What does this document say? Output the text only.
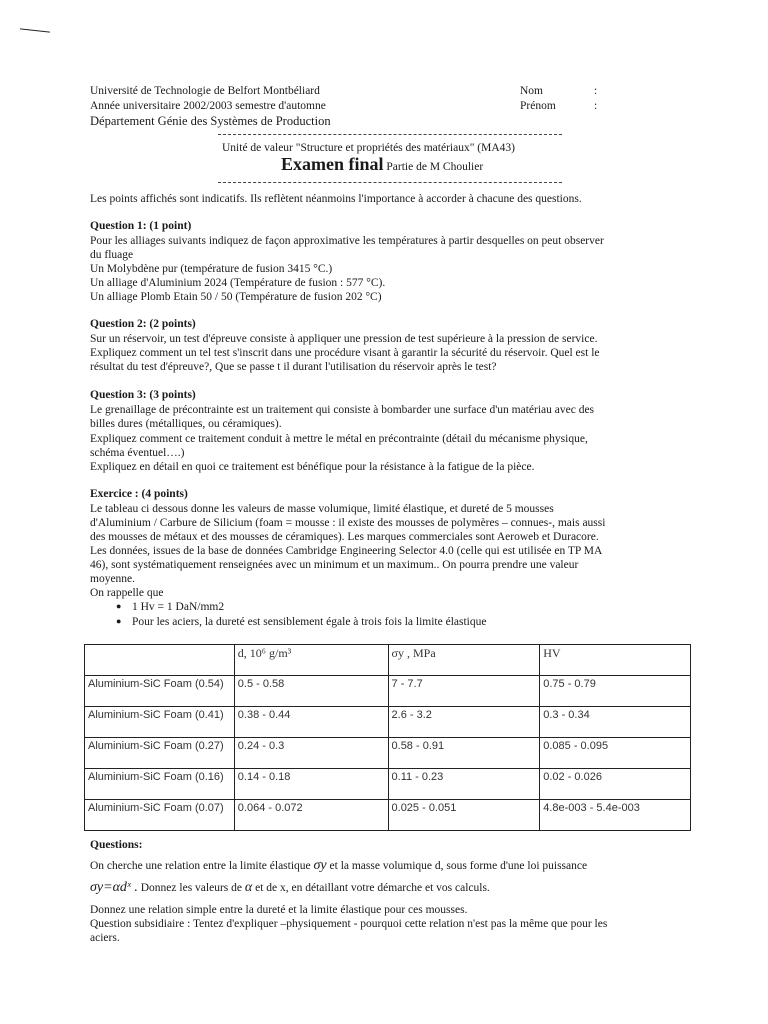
Université de Technologie de Belfort Montbéliard
Année universitaire 2002/2003 semestre d'automne
Département Génie des Systèmes de Production
Nom	:
Prénom	:
Unité de valeur "Structure et propriétés des matériaux" (MA43)
Examen final Partie de M Choulier
Les points affichés sont indicatifs. Ils reflètent néanmoins l'importance à accorder à chacune des questions.
Question 1: (1 point)
Pour les alliages suivants indiquez de façon approximative les températures à partir desquelles on peut observer
du fluage
Un Molybdène pur (température de fusion 3415 °C.)
Un alliage d'Aluminium 2024 (Température de fusion : 577 °C).
Un alliage Plomb Etain 50 / 50 (Température de fusion 202 °C)
Question 2: (2 points)
Sur un réservoir, un test d'épreuve consiste à appliquer une pression de test supérieure à la pression de service.
Expliquez comment un tel test s'inscrit dans une procédure visant à garantir la sécurité du réservoir. Quel est le
résultat du test d'épreuve?, Que se passe t il durant l'utilisation du réservoir après le test?
Question 3: (3 points)
Le grenaillage de précontrainte est un traitement qui consiste à bombarder une surface d'un matériau avec des
billes dures (métalliques, ou céramiques).
Expliquez comment ce traitement conduit à mettre le métal en précontrainte (détail du mécanisme physique,
schéma éventuel….)
Expliquez en détail en quoi ce traitement est bénéfique pour la résistance à la fatigue de la pièce.
Exercice : (4 points)
Le tableau ci dessous donne les valeurs de masse volumique, limité élastique, et dureté de 5 mousses
d'Aluminium / Carbure de Silicium (foam = mousse : il existe des mousses de polymères – connues-, mais aussi
des mousses de métaux et des mousses de céramiques). Les marques commerciales sont Aeroweb et Duracore.
Les données, issues de la base de données Cambridge Engineering Selector 4.0 (celle qui est utilisée en TP MA
46), sont systématiquement renseignées avec un minimum et un maximum.. On pourra prendre une valeur
moyenne.
On rappelle que
● 1 Hv = 1 DaN/mm2
● Pour les aciers, la dureté est sensiblement égale à trois fois la limite élastique
	d, 10⁶ g/m³	σy , MPa	HV
Aluminium-SiC Foam (0.54)	0.5 - 0.58	7 - 7.7	0.75 - 0.79
Aluminium-SiC Foam (0.41)	0.38 - 0.44	2.6 - 3.2	0.3 - 0.34
Aluminium-SiC Foam (0.27)	0.24 - 0.3	0.58 - 0.91	0.085 - 0.095
Aluminium-SiC Foam (0.16)	0.14 - 0.18	0.11 - 0.23	0.02 - 0.026
Aluminium-SiC Foam (0.07)	0.064 - 0.072	0.025 - 0.051	4.8e-003 - 5.4e-003
Questions:
On cherche une relation entre la limite élastique σy et la masse volumique d, sous forme d'une loi puissance
σy=αdˣ . Donnez les valeurs de α et de x, en détaillant votre démarche et vos calculs.
Donnez une relation simple entre la dureté et la limite élastique pour ces mousses.
Question subsidiaire : Tentez d'expliquer –physiquement - pourquoi cette relation n'est pas la même que pour les
aciers.
